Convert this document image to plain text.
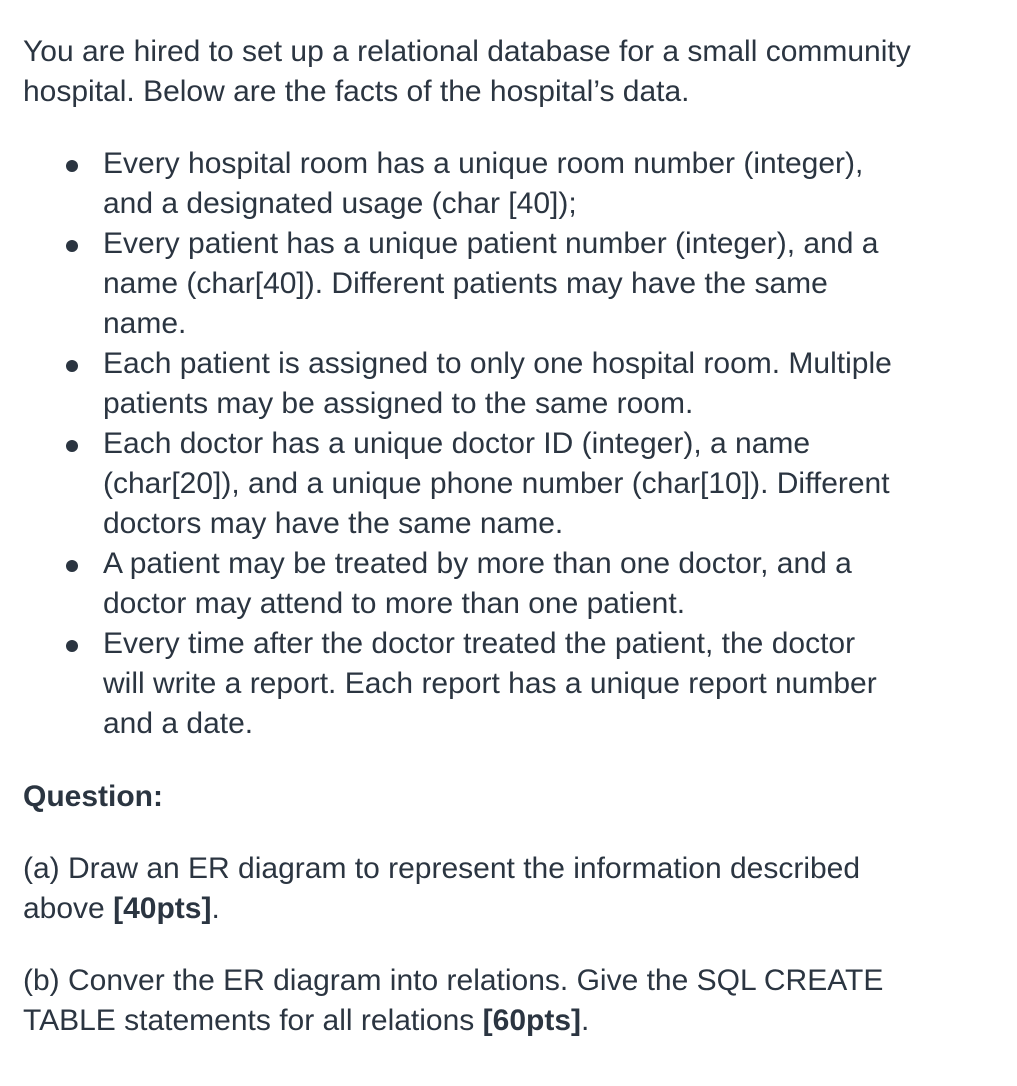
You are hired to set up a relational database for a small community hospital. Below are the facts of the hospital’s data.

Every hospital room has a unique room number (integer),
and a designated usage (char [40]);
Every patient has a unique patient number (integer), and a
name (char[40]). Different patients may have the same
name.
Each patient is assigned to only one hospital room. Multiple
patients may be assigned to the same room.
Each doctor has a unique doctor ID (integer), a name
(char[20]), and a unique phone number (char[10]). Different
doctors may have the same name.
A patient may be treated by more than one doctor, and a
doctor may attend to more than one patient.
Every time after the doctor treated the patient, the doctor
will write a report. Each report has a unique report number
and a date.

Question:

(a) Draw an ER diagram to represent the information described
above [40pts].

(b) Conver the ER diagram into relations. Give the SQL CREATE
TABLE statements for all relations [60pts].
